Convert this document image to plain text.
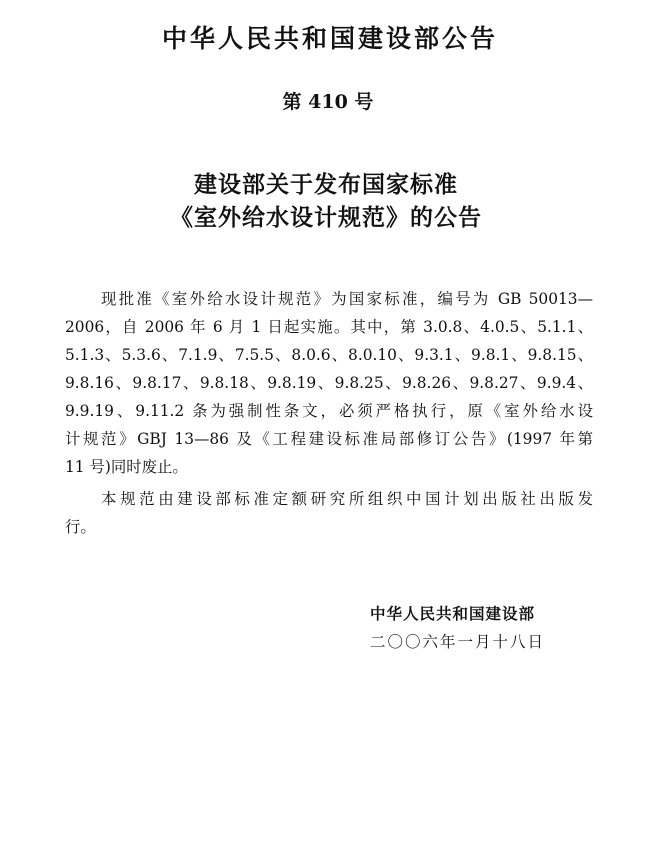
中华人民共和国建设部公告
第 410 号
建设部关于发布国家标准
《室外给水设计规范》的公告
现批准《室外给水设计规范》为国家标准，编号为 GB 50013—
2006，自 2006 年 6 月 1 日起实施。其中，第 3.0.8、4.0.5、5.1.1、
5.1.3、5.3.6、7.1.9、7.5.5、8.0.6、8.0.10、9.3.1、9.8.1、9.8.15、
9.8.16、9.8.17、9.8.18、9.8.19、9.8.25、9.8.26、9.8.27、9.9.4、
9.9.19、9.11.2 条为强制性条文，必须严格执行，原《室外给水设
计规范》GBJ 13—86 及《工程建设标准局部修订公告》(1997 年第
11 号)同时废止。
本规范由建设部标准定额研究所组织中国计划出版社出版发
行。
中华人民共和国建设部
二〇〇六年一月十八日
